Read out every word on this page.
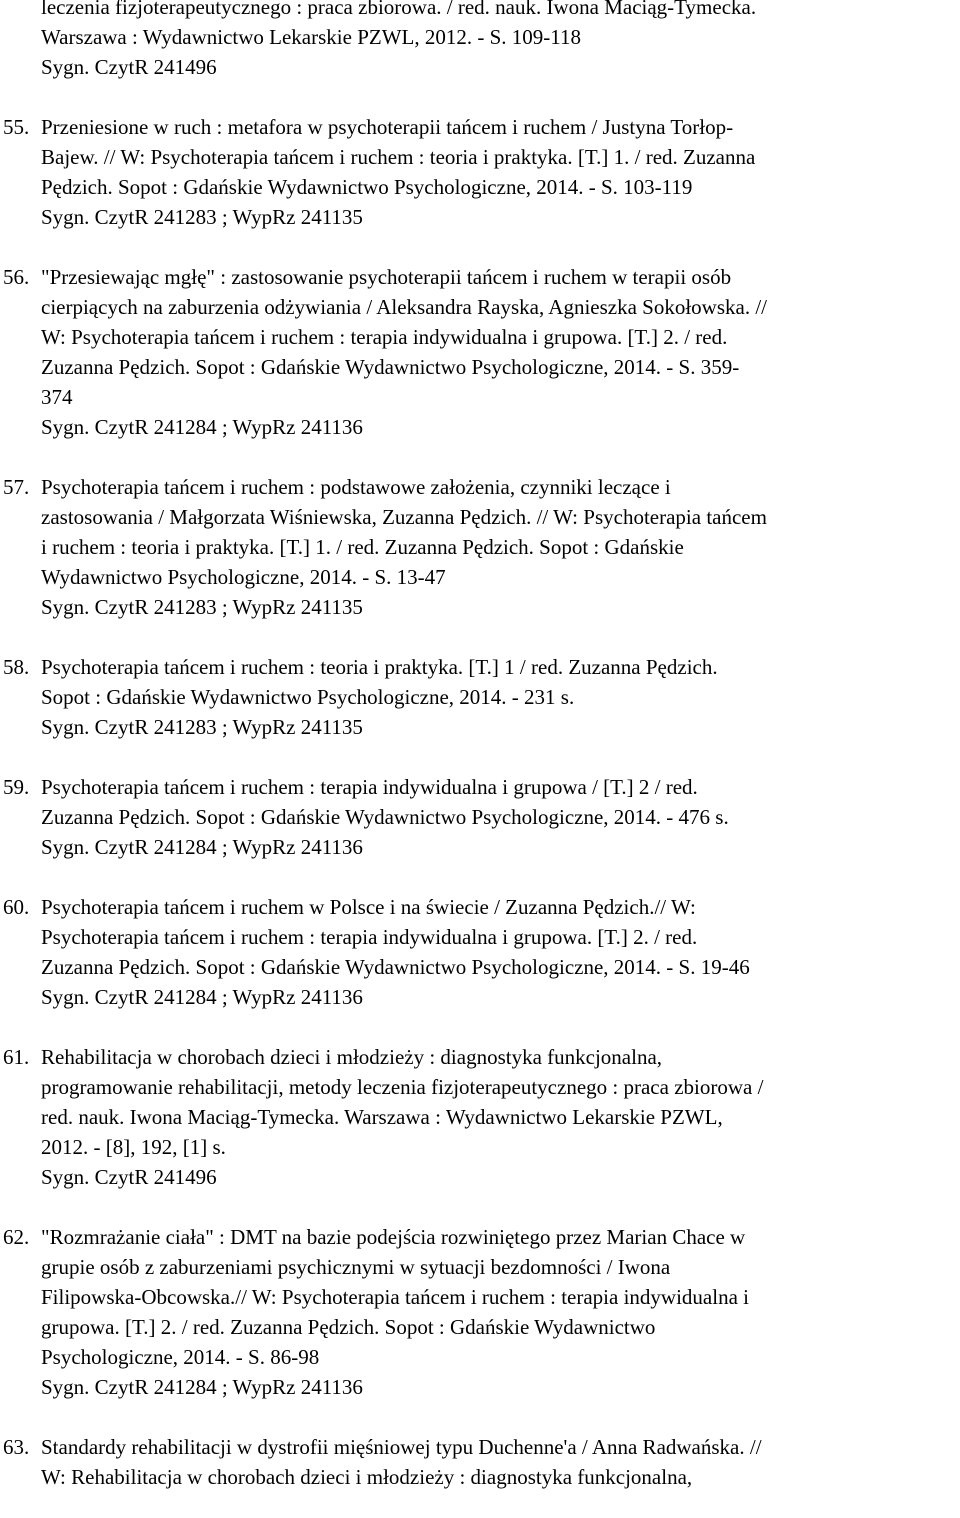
leczenia fizjoterapeutycznego : praca zbiorowa. / red. nauk. Iwona Maciąg-Tymecka.
Warszawa : Wydawnictwo Lekarskie PZWL, 2012. - S. 109-118
Sygn. CzytR 241496
55. Przeniesione w ruch : metafora w psychoterapii tańcem i ruchem / Justyna Torłop-
Bajew. // W: Psychoterapia tańcem i ruchem : teoria i praktyka. [T.] 1. / red. Zuzanna
Pędzich. Sopot : Gdańskie Wydawnictwo Psychologiczne, 2014. - S. 103-119
Sygn. CzytR 241283 ; WypRz 241135
56. "Przesiewając mgłę" : zastosowanie psychoterapii tańcem i ruchem w terapii osób
cierpiących na zaburzenia odżywiania / Aleksandra Rayska, Agnieszka Sokołowska. //
W: Psychoterapia tańcem i ruchem : terapia indywidualna i grupowa. [T.] 2. / red.
Zuzanna Pędzich. Sopot : Gdańskie Wydawnictwo Psychologiczne, 2014. - S. 359-
374
Sygn. CzytR 241284 ; WypRz 241136
57. Psychoterapia tańcem i ruchem : podstawowe założenia, czynniki leczące i
zastosowania / Małgorzata Wiśniewska, Zuzanna Pędzich. // W: Psychoterapia tańcem
i ruchem : teoria i praktyka. [T.] 1. / red. Zuzanna Pędzich. Sopot : Gdańskie
Wydawnictwo Psychologiczne, 2014. - S. 13-47
Sygn. CzytR 241283 ; WypRz 241135
58. Psychoterapia tańcem i ruchem : teoria i praktyka. [T.] 1 / red. Zuzanna Pędzich.
Sopot : Gdańskie Wydawnictwo Psychologiczne, 2014. - 231 s.
Sygn. CzytR 241283 ; WypRz 241135
59. Psychoterapia tańcem i ruchem : terapia indywidualna i grupowa / [T.] 2 / red.
Zuzanna Pędzich. Sopot : Gdańskie Wydawnictwo Psychologiczne, 2014. - 476 s.
Sygn. CzytR 241284 ; WypRz 241136
60. Psychoterapia tańcem i ruchem w Polsce i na świecie / Zuzanna Pędzich.// W:
Psychoterapia tańcem i ruchem : terapia indywidualna i grupowa. [T.] 2. / red.
Zuzanna Pędzich. Sopot : Gdańskie Wydawnictwo Psychologiczne, 2014. - S. 19-46
Sygn. CzytR 241284 ; WypRz 241136
61. Rehabilitacja w chorobach dzieci i młodzieży : diagnostyka funkcjonalna,
programowanie rehabilitacji, metody leczenia fizjoterapeutycznego : praca zbiorowa /
red. nauk. Iwona Maciąg-Tymecka. Warszawa : Wydawnictwo Lekarskie PZWL,
2012. - [8], 192, [1] s.
Sygn. CzytR 241496
62. "Rozmrażanie ciała" : DMT na bazie podejścia rozwiniętego przez Marian Chace w
grupie osób z zaburzeniami psychicznymi w sytuacji bezdomności / Iwona
Filipowska-Obcowska.// W: Psychoterapia tańcem i ruchem : terapia indywidualna i
grupowa. [T.] 2. / red. Zuzanna Pędzich. Sopot : Gdańskie Wydawnictwo
Psychologiczne, 2014. - S. 86-98
Sygn. CzytR 241284 ; WypRz 241136
63. Standardy rehabilitacji w dystrofii mięśniowej typu Duchenne'a / Anna Radwańska. //
W: Rehabilitacja w chorobach dzieci i młodzieży : diagnostyka funkcjonalna,
